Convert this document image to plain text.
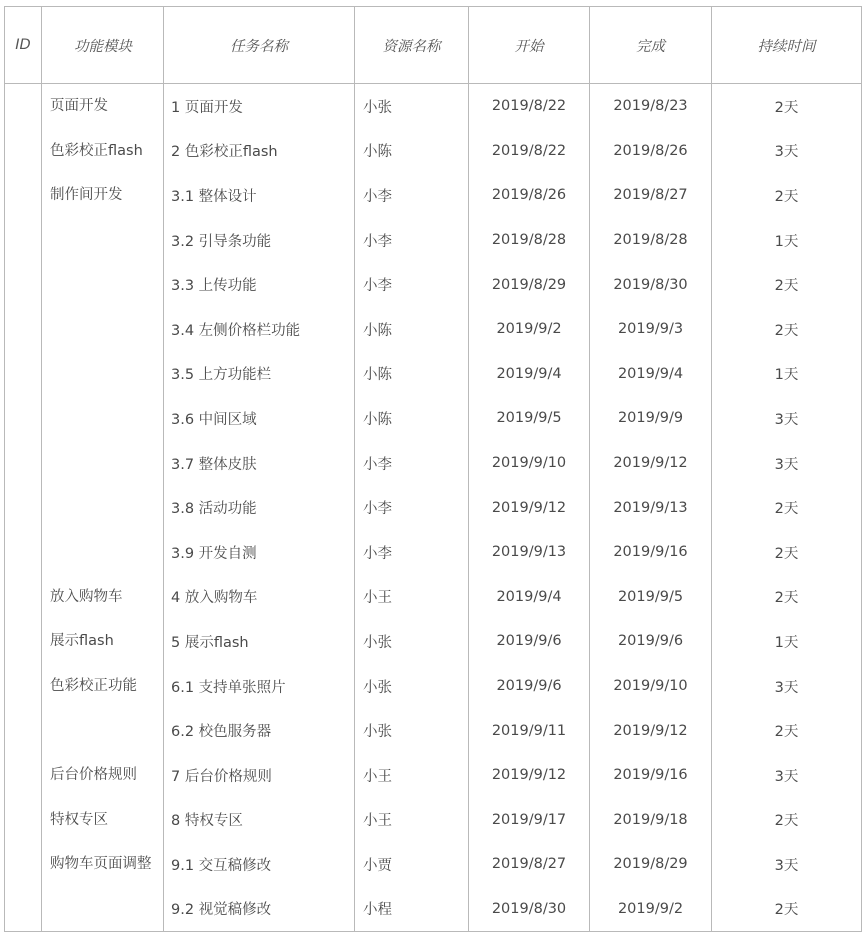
ID	功能模块	任务名称	资源名称	开始	完成	持续时间
	页面开发	1 页面开发	小张	2019/8/22	2019/8/23	2天
	色彩校正flash	2 色彩校正flash	小陈	2019/8/22	2019/8/26	3天
	制作间开发	3.1 整体设计	小李	2019/8/26	2019/8/27	2天
		3.2 引导条功能	小李	2019/8/28	2019/8/28	1天
		3.3 上传功能	小李	2019/8/29	2019/8/30	2天
		3.4 左侧价格栏功能	小陈	2019/9/2	2019/9/3	2天
		3.5 上方功能栏	小陈	2019/9/4	2019/9/4	1天
		3.6 中间区域	小陈	2019/9/5	2019/9/9	3天
		3.7 整体皮肤	小李	2019/9/10	2019/9/12	3天
		3.8 活动功能	小李	2019/9/12	2019/9/13	2天
		3.9 开发自测	小李	2019/9/13	2019/9/16	2天
	放入购物车	4 放入购物车	小王	2019/9/4	2019/9/5	2天
	展示flash	5 展示flash	小张	2019/9/6	2019/9/6	1天
	色彩校正功能	6.1 支持单张照片	小张	2019/9/6	2019/9/10	3天
		6.2 校色服务器	小张	2019/9/11	2019/9/12	2天
	后台价格规则	7 后台价格规则	小王	2019/9/12	2019/9/16	3天
	特权专区	8 特权专区	小王	2019/9/17	2019/9/18	2天
	购物车页面调整	9.1 交互稿修改	小贾	2019/8/27	2019/8/29	3天
		9.2 视觉稿修改	小程	2019/8/30	2019/9/2	2天
